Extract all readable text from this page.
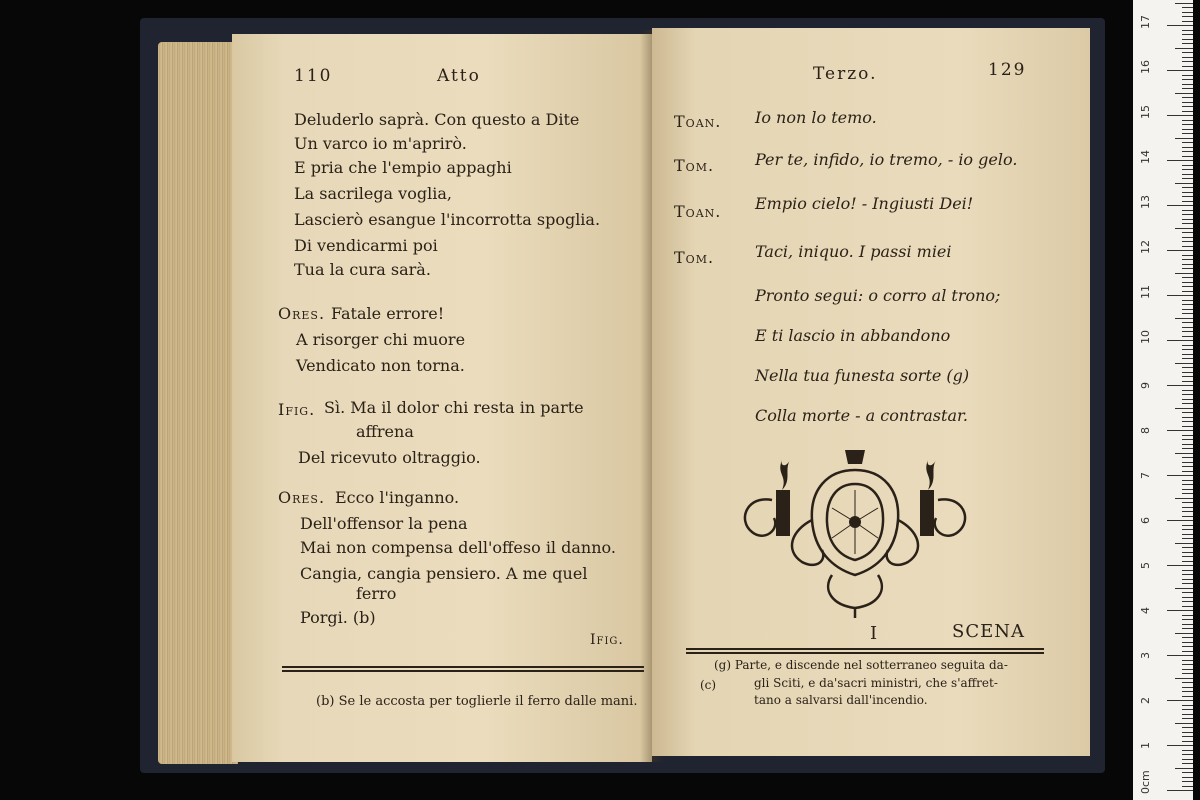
110	Atto
Deluderlo saprà. Con questo a Dite
Un varco io m'aprirò.
E pria che l'empio appaghi
La sacrilega voglia,
Lascierò esangue l'incorrotta spoglia.
Di vendicarmi poi
Tua la cura sarà.
Ores. Fatale errore!
A risorger chi muore
Vendicato non torna.
Ifig. Sì. Ma il dolor chi resta in parte
affrena
Del ricevuto oltraggio.
Ores. Ecco l'inganno.
Dell'offensor la pena
Mai non compensa dell'offeso il danno.
Cangia, cangia pensiero. A me quel
ferro
Porgi. (b)
Ifig.
(b) Se le accosta per toglierle il ferro dalle mani.
Terzo.	129
Toan. Io non lo temo.
Tom.	Per te, infido, io tremo, - io gelo.
Toan. Empio cielo! - Ingiusti Dei!
Tom.	Taci, iniquo. I passi miei
Pronto segui: o corro al trono;
E ti lascio in abbandono
Nella tua funesta sorte (g)
Colla morte - a contrastar.
I	SCENA
(g) Parte, e discende nel sotterraneo seguita da-
(c)	gli Sciti, e da'sacri ministri, che s'affret-
tano a salvarsi dall'incendio.
0cm
1
2
3
4
5
6
7
8
9
10
11
12
13
14
15
16
17
